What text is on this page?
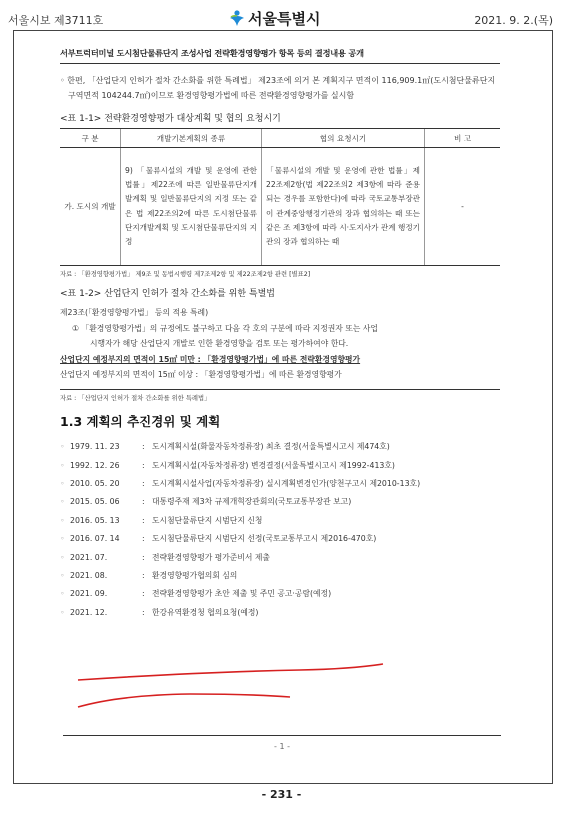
서울시보 제3711호	서울특별시	2021. 9. 2.(목)
서부트럭터미널 도시첨단물류단지 조성사업 전략환경영향평가 항목 등의 결정내용 공개
◦ 한편, 「산업단지 인허가 절차 간소화를 위한 특례법」 제23조에 의거 본 계획지구 면적이 116,909.1㎡(도시첨단물류단지 구역면적 104244.7㎡)이므로 환경영향평가법에 따른 전략환경영향평가를 실시함
<표 1-1> 전략환경영향평가 대상계획 및 협의 요청시기
구 분	개발기본계획의 종류	협의 요청시기	비 고
가. 도시의 개발	9) 「물류시설의 개발 및 운영에 관한 법률」제22조에 따른 일반물류단지개발계획 및 일반물류단지의 지정 또는 같은 법 제22조의2에 따른 도시첨단물류단지개발계획 및 도시첨단물류단지의 지정	「물류시설의 개발 및 운영에 관한 법률」제22조제2항(법 제22조의2 제3항에 따라 준용되는 경우를 포함한다)에 따라 국토교통부장관이 관계중앙행정기관의 장과 협의하는 때 또는 같은 조 제3항에 따라 시·도지사가 관계 행정기관의 장과 협의하는 때	-
자료 : 「환경영향평가법」 제9조 및 동법시행령 제7조제2항 및 제22조제2항 관련 [별표2]
<표 1-2> 산업단지 인허가 절차 간소화를 위한 특별법
제23조(「환경영향평가법」 등의 적용 특례)
① 「환경영향평가법」의 규정에도 불구하고 다음 각 호의 구분에 따라 지정권자 또는 사업
시행자가 해당 산업단지 개발로 인한 환경영향을 검토 또는 평가하여야 한다.
산업단지 예정부지의 면적이 15㎡ 미만 : 「환경영향평가법」에 따른 전략환경영향평가
산업단지 예정부지의 면적이 15㎡ 이상 : 「환경영향평가법」에 따른 환경영향평가
자료 : 「산업단지 인허가 절차 간소화를 위한 특례법」
1.3 계획의 추진경위 및 계획
◦ 1979. 11. 23	: 도시계획시설(화물자동차정류장) 최초 결정(서울특별시고시 제474호)
◦ 1992. 12. 26	: 도시계획시설(자동차정류장) 변경결정(서울특별시고시 제1992-413호)
◦ 2010. 05. 20	: 도시계획시설사업(자동차정류장) 실시계획변경인가(양천구고시 제2010-13호)
◦ 2015. 05. 06	: 대통령주재 제3차 규제개혁장관회의(국토교통부장관 보고)
◦ 2016. 05. 13	: 도시첨단물류단지 시범단지 신청
◦ 2016. 07. 14	: 도시첨단물류단지 시범단지 선정(국토교통부고시 제2016-470호)
◦ 2021. 07.	: 전략환경영향평가 평가준비서 제출
◦ 2021. 08.	: 환경영향평가협의회 심의
◦ 2021. 09.	: 전략환경영향평가 초안 제출 및 주민 공고·공람(예정)
◦ 2021. 12.	: 한강유역환경청 협의요청(예정)
- 1 -
- 231 -
